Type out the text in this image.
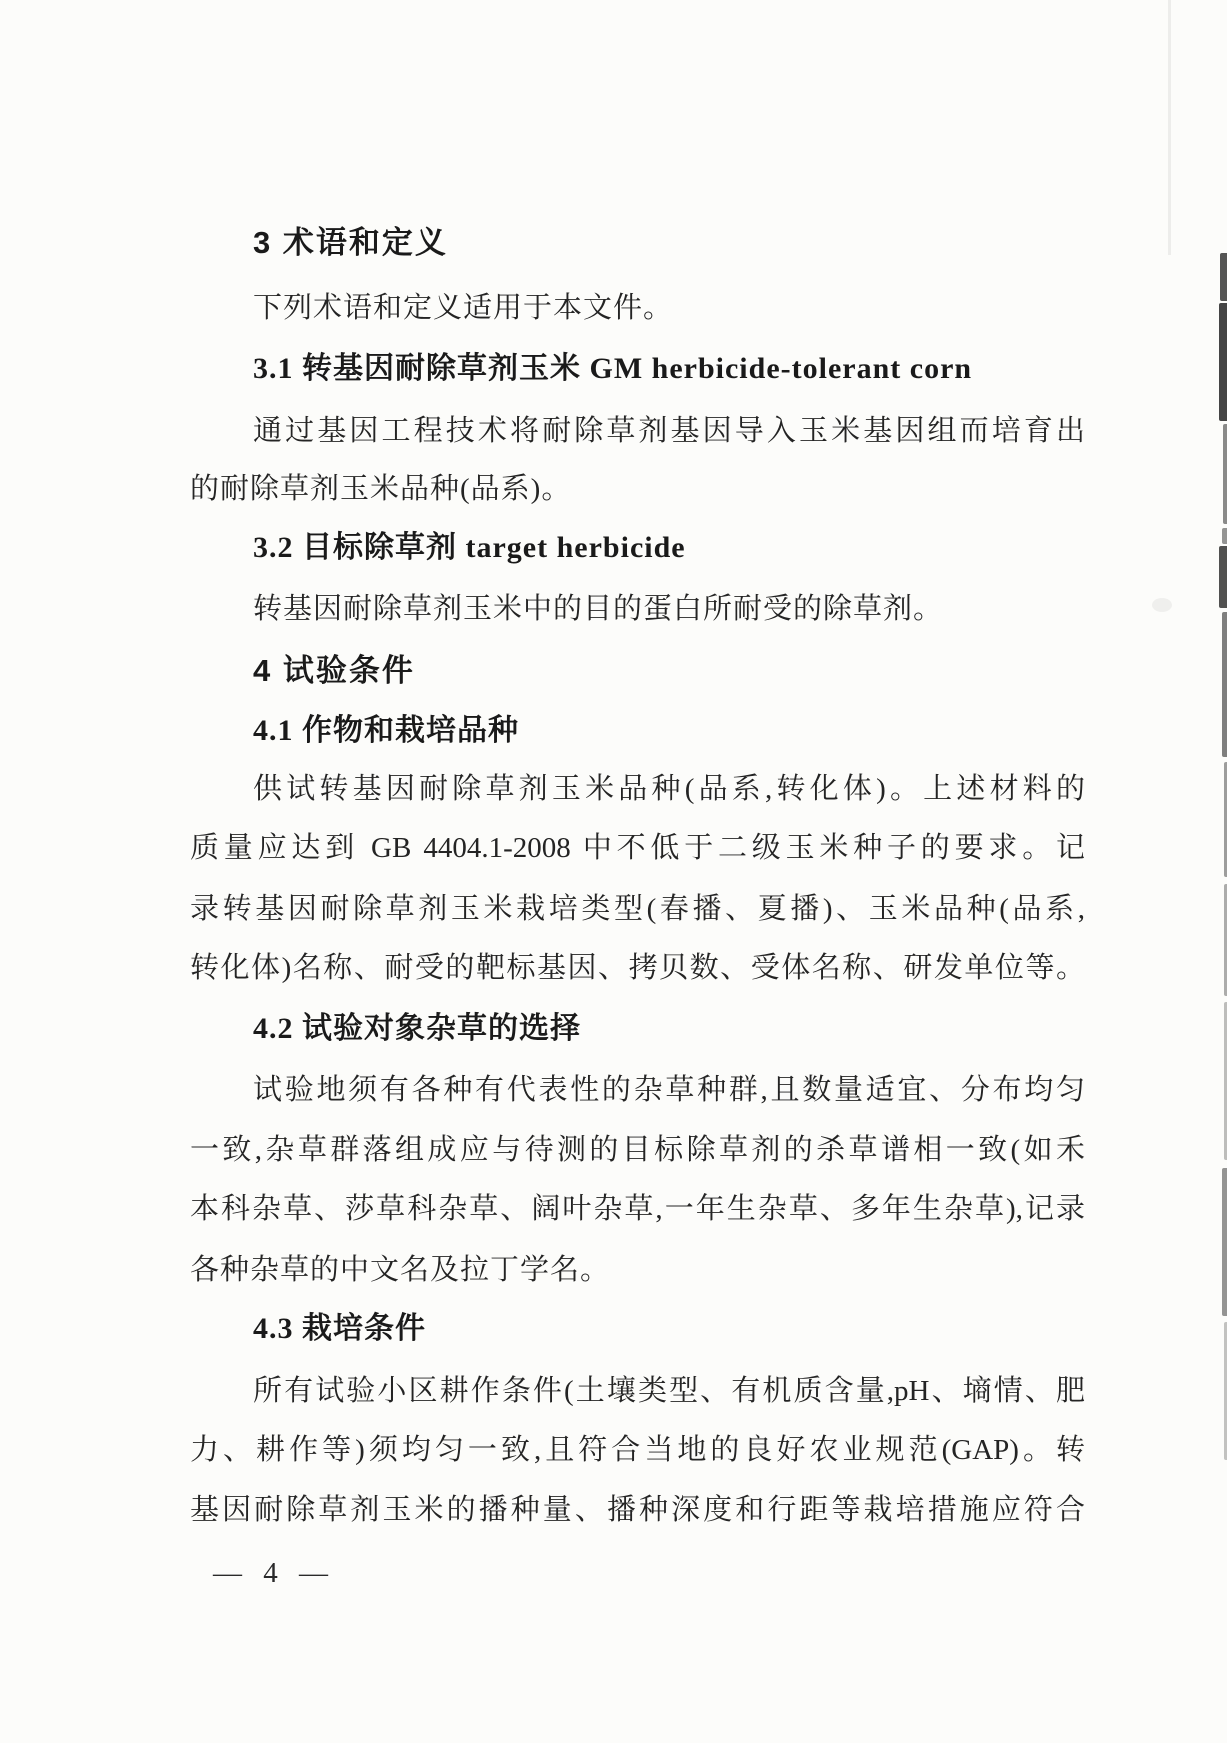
3 术语和定义
下列术语和定义适用于本文件。
3.1 转基因耐除草剂玉米 GM herbicide-tolerant corn
通过基因工程技术将耐除草剂基因导入玉米基因组而培育出
的耐除草剂玉米品种(品系)。
3.2 目标除草剂 target herbicide
转基因耐除草剂玉米中的目的蛋白所耐受的除草剂。
4 试验条件
4.1 作物和栽培品种
供试转基因耐除草剂玉米品种(品系,转化体)。上述材料的
质量应达到 GB 4404.1-2008 中不低于二级玉米种子的要求。记
录转基因耐除草剂玉米栽培类型(春播、夏播)、玉米品种(品系,
转化体)名称、耐受的靶标基因、拷贝数、受体名称、研发单位等。
4.2 试验对象杂草的选择
试验地须有各种有代表性的杂草种群,且数量适宜、分布均匀
一致,杂草群落组成应与待测的目标除草剂的杀草谱相一致(如禾
本科杂草、莎草科杂草、阔叶杂草,一年生杂草、多年生杂草),记录
各种杂草的中文名及拉丁学名。
4.3 栽培条件
所有试验小区耕作条件(土壤类型、有机质含量,pH、墒情、肥
力、耕作等)须均匀一致,且符合当地的良好农业规范(GAP)。转
基因耐除草剂玉米的播种量、播种深度和行距等栽培措施应符合
— 4 —
